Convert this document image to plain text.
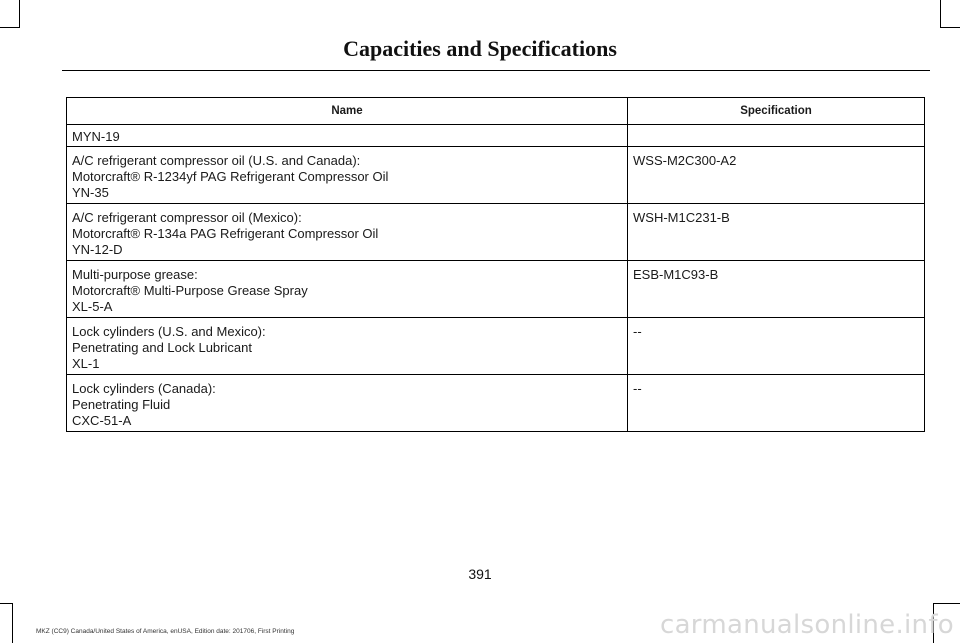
Capacities and Specifications
Name	Specification

MYN-19	

A/C refrigerant compressor oil (U.S. and Canada):
Motorcraft® R-1234yf PAG Refrigerant Compressor Oil
YN-35	WSS-M2C300-A2

A/C refrigerant compressor oil (Mexico):
Motorcraft® R-134a PAG Refrigerant Compressor Oil
YN-12-D	WSH-M1C231-B

Multi-purpose grease:
Motorcraft® Multi-Purpose Grease Spray
XL-5-A	ESB-M1C93-B

Lock cylinders (U.S. and Mexico):
Penetrating and Lock Lubricant
XL-1	--

Lock cylinders (Canada):
Penetrating Fluid
CXC-51-A	--
391
MKZ (CC9) Canada/United States of America, enUSA, Edition date: 201706, First Printing	carmanualsonline.info
